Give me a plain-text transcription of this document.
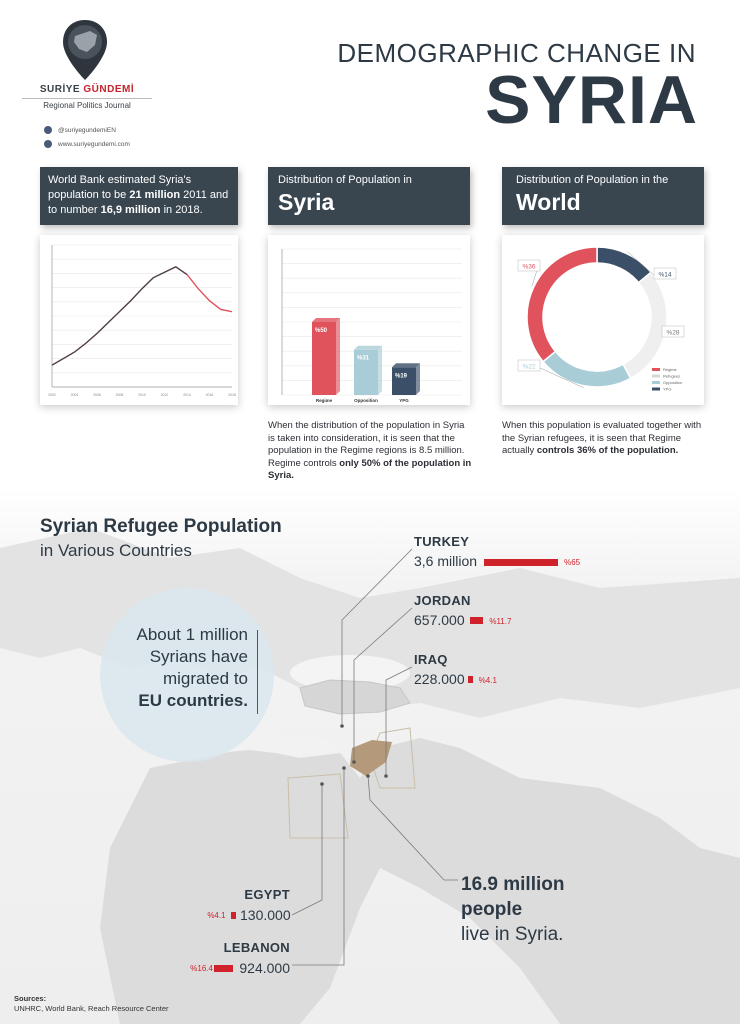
SURİYE GÜNDEMİ
Regional Politics Journal
@suriyegundemiEN
www.suriyegundemi.com
DEMOGRAPHIC CHANGE IN
SYRIA
World Bank estimated Syria's population to be 21 million 2011 and to number 16,9 million in 2018.
Distribution of Population in
Syria
Distribution of Population in the
World
2002	2004	2006	2008	2010	2012	2014	2016	2018
%50
Regime
%31
Opposition
%19
YPG
%36
%28
%22
%14
Regime
Refugees
Opposition
YPG
When the distribution of the population in Syria is taken into consideration, it is seen that the population in the Regime regions is 8.5 million. Regime controls only 50% of the population in Syria.
When this population is evaluated together with the Syrian refugees, it is seen that Regime actually controls 36% of the population.
Syrian Refugee Population
in Various Countries
About 1 million
Syrians have
migrated to
EU countries.
TURKEY
3,6 million	%65
JORDAN
657.000	%11.7
IRAQ
228.000 %4.1
EGYPT
130.000
%4.1
LEBANON
924.000
%16.4
16.9 million
people
live in Syria.
Sources:
UNHRC, World Bank, Reach Resource Center
